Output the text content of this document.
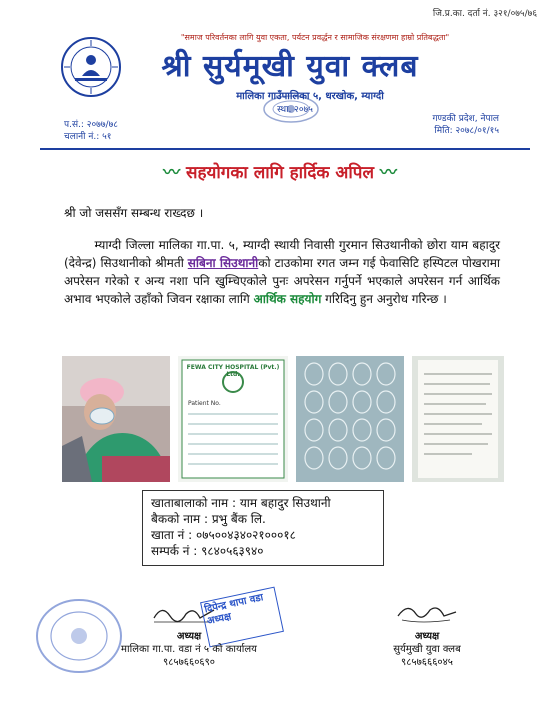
जि.प्र.का. दर्ता नं. ३२१/०७५/७६
"समाज परिवर्तनका लागि युवा एकता, पर्यटन प्रवर्द्धन र सामाजिक संरक्षणमा हाम्रो प्रतिबद्धता"
श्री सुर्यमूखी युवा क्लब
मालिका गाउँपालिका ५, धरखोक, म्याग्दी
स्था. २०७५
प.सं.: २०७७/७८
चलानी नं.: ५१
गण्डकी प्रदेश, नेपाल
मिति: २०७८/०१/१५
〰 सहयोगका लागि हार्दिक अपिल 〰
श्री जो जससँग सम्बन्ध राख्दछ ।
म्याग्दी जिल्ला मालिका गा.पा. ५, म्याग्दी स्थायी निवासी गुरमान सिउथानीको छोरा याम बहादुर (देवेन्द्र) सिउथानीको श्रीमती सबिना सिउथानीको टाउकोमा रगत जम्न गई फेवासिटि हस्पिटल पोखरामा अपरेसन गरेको र अन्य नशा पनि खुम्चिएकोले पुनः अपरेसन गर्नुपर्ने भएकाले अपरेसन गर्न आर्थिक अभाव भएकोले उहाँको जिवन रक्षाका लागि आर्थिक सहयोग गरिदिनु हुन अनुरोध गरिन्छ ।
FEWA CITY HOSPITAL (Pvt.) Ltd.
Patient No.
खाताबालाको नाम : याम बहादुर सिउथानी
बैकको नाम : प्रभु बैंक लि.
खाता नं : ०७५००४३४०२१०००१८
सम्पर्क नं : ९८४०५६३९४०
दिपेन्द्र थापा वडा अध्यक्ष
अध्यक्ष
मालिका गा.पा. वडा नं ५ को कार्यालय
९८५७६६०६९०
अध्यक्ष
सुर्यमुखी युवा क्लब
९८५७६६६०४५
